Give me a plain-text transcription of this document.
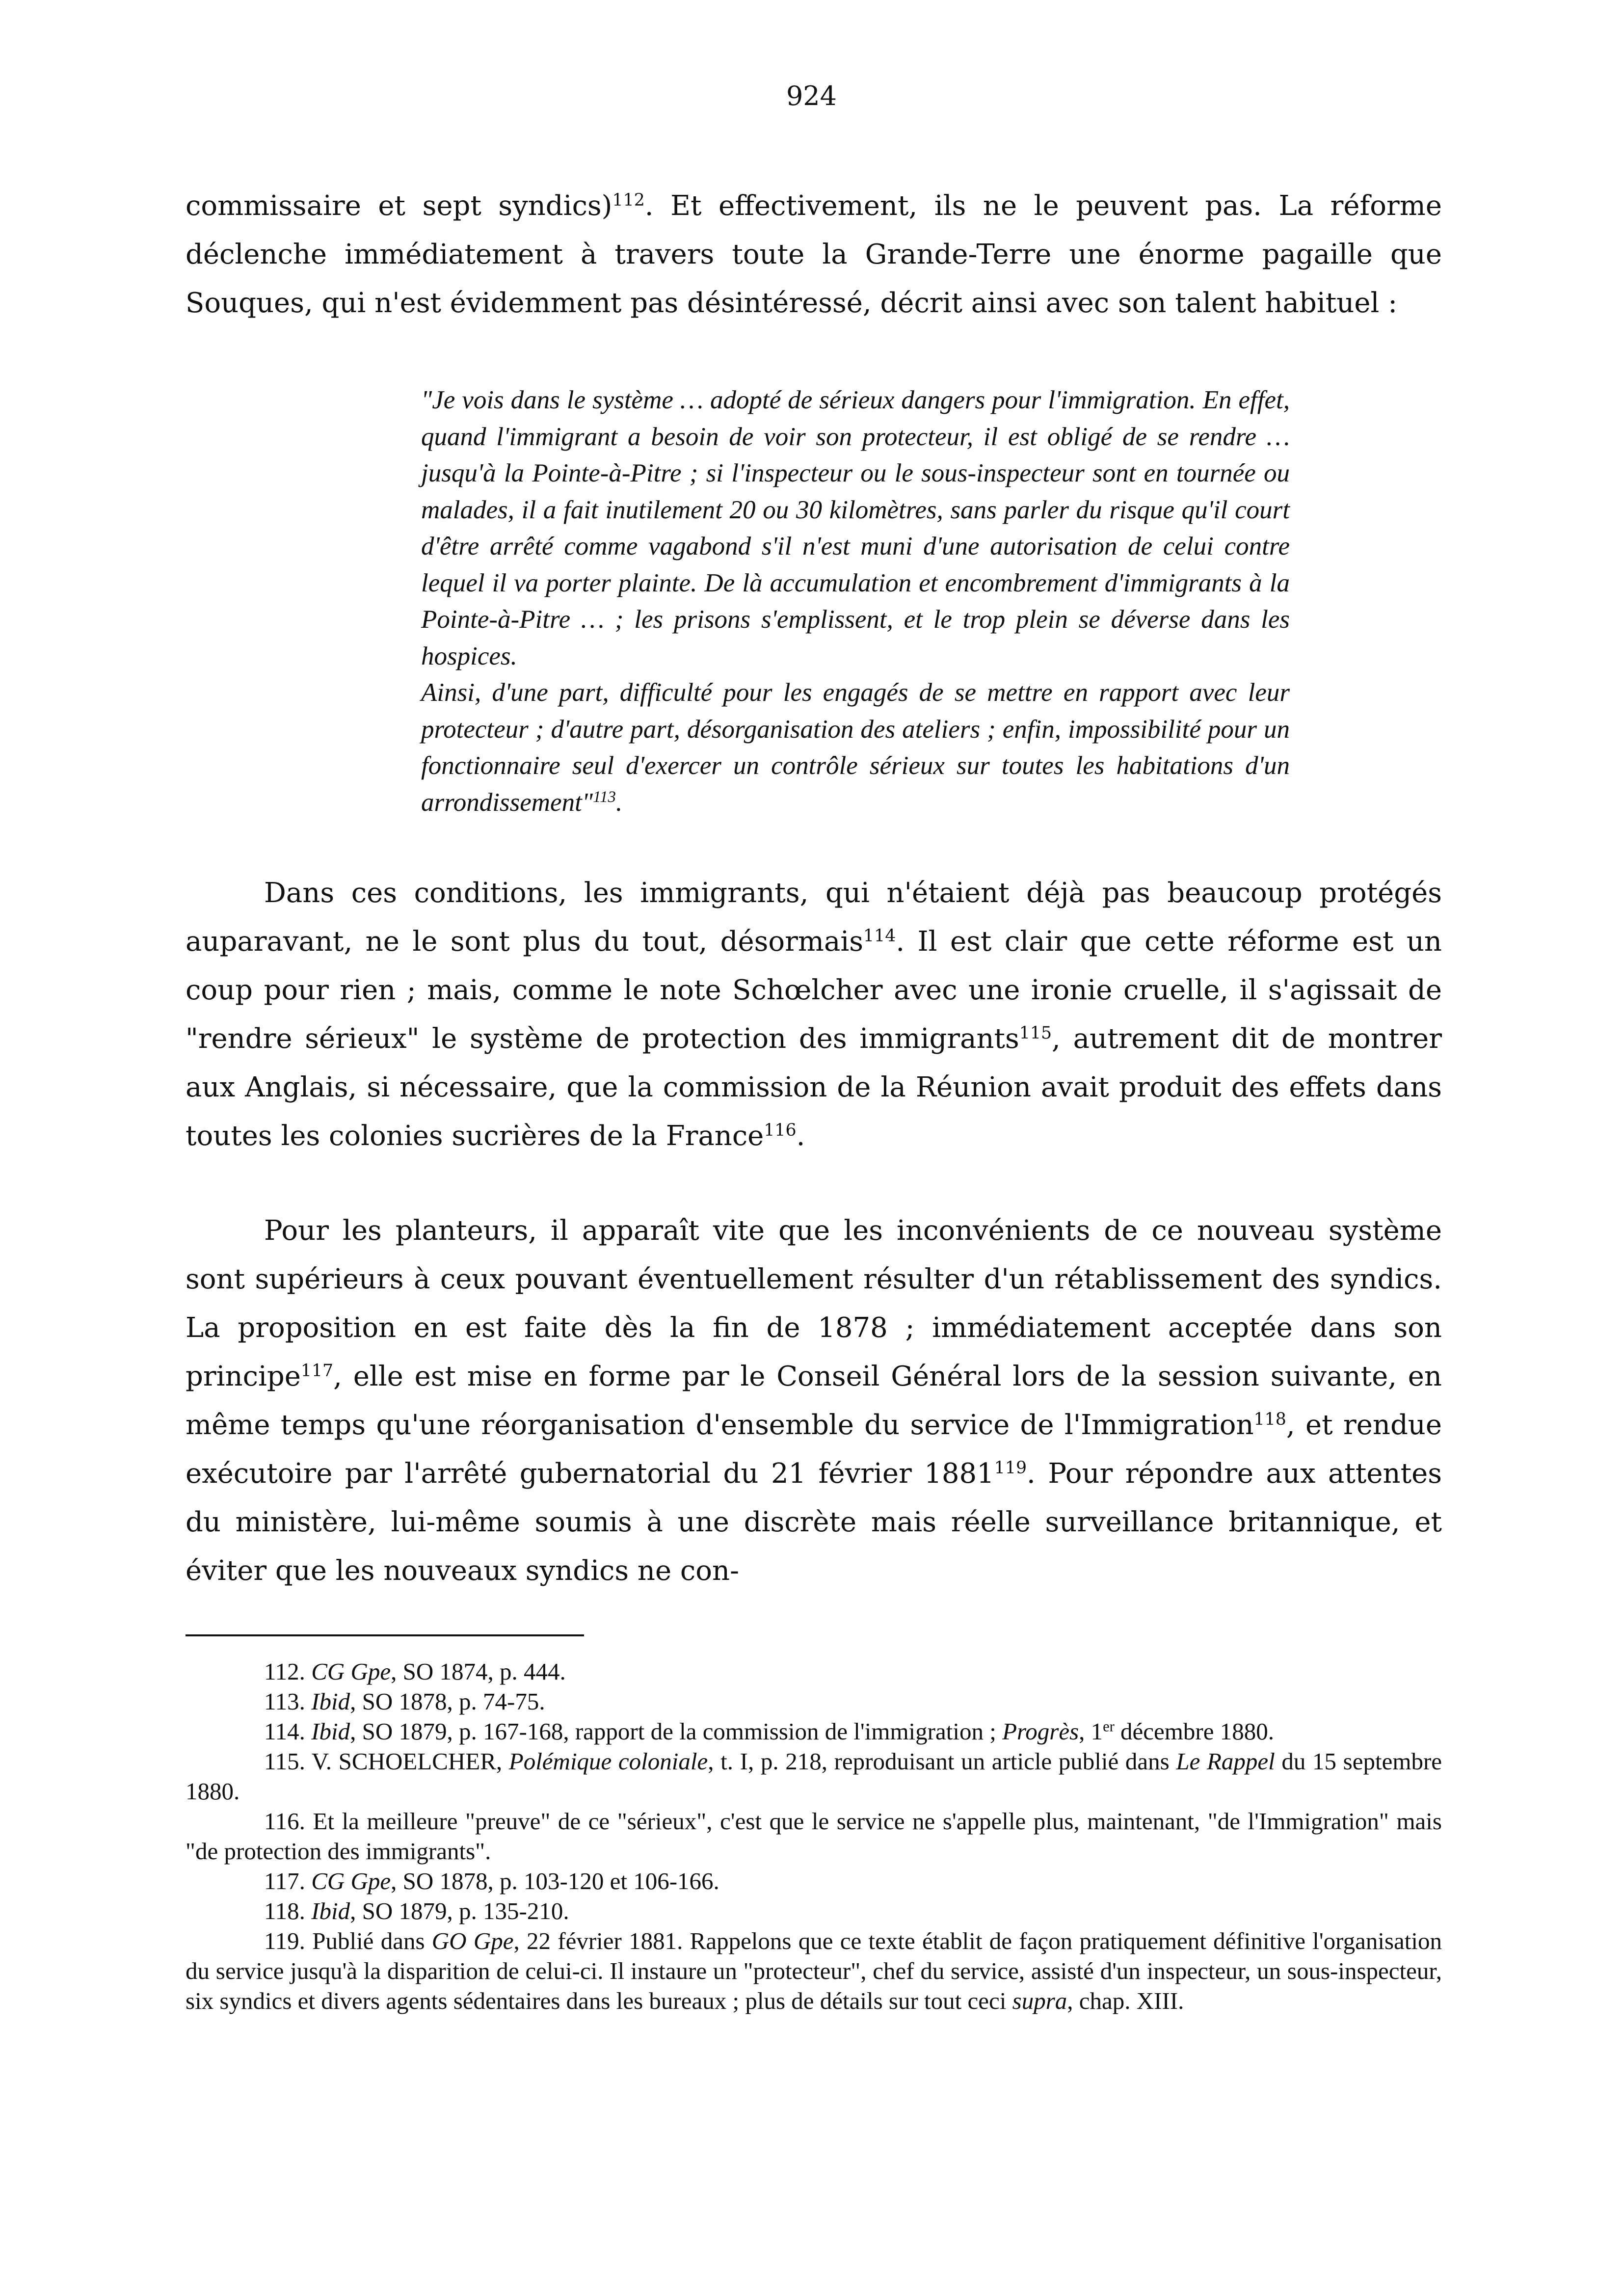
924

commissaire et sept syndics)$^{112}$. Et effectivement, ils ne le peuvent pas. La réforme déclenche immédiatement à travers toute la Grande-Terre une énorme pagaille que Souques, qui n'est évidemment pas désintéressé, décrit ainsi avec son talent habituel :

"Je vois dans le système … adopté de sérieux dangers pour l'immigration. En effet, quand l'immigrant a besoin de voir son protecteur, il est obligé de se rendre … jusqu'à la Pointe-à-Pitre ; si l'inspecteur ou le sous-inspecteur sont en tournée ou malades, il a fait inutilement 20 ou 30 kilomètres, sans parler du risque qu'il court d'être arrêté comme vagabond s'il n'est muni d'une autorisation de celui contre lequel il va porter plainte. De là accumulation et encombrement d'immigrants à la Pointe-à-Pitre … ; les prisons s'emplissent, et le trop plein se déverse dans les hospices.

Ainsi, d'une part, difficulté pour les engagés de se mettre en rapport avec leur protecteur ; d'autre part, désorganisation des ateliers ; enfin, impossibilité pour un fonctionnaire seul d'exercer un contrôle sérieux sur toutes les habitations d'un arrondissement"$^{113}$.

Dans ces conditions, les immigrants, qui n'étaient déjà pas beaucoup protégés auparavant, ne le sont plus du tout, désormais$^{114}$. Il est clair que cette réforme est un coup pour rien ; mais, comme le note Schœlcher avec une ironie cruelle, il s'agissait de "rendre sérieux" le système de protection des immigrants$^{115}$, autrement dit de montrer aux Anglais, si nécessaire, que la commission de la Réunion avait produit des effets dans toutes les colonies sucrières de la France$^{116}$.

Pour les planteurs, il apparaît vite que les inconvénients de ce nouveau système sont supérieurs à ceux pouvant éventuellement résulter d'un rétablissement des syndics. La proposition en est faite dès la fin de 1878 ; immédiatement acceptée dans son principe$^{117}$, elle est mise en forme par le Conseil Général lors de la session suivante, en même temps qu'une réorganisation d'ensemble du service de l'Immigration$^{118}$, et rendue exécutoire par l'arrêté gubernatorial du 21 février 1881$^{119}$. Pour répondre aux attentes du ministère, lui-même soumis à une discrète mais réelle surveillance britannique, et éviter que les nouveaux syndics ne con-

112. CG Gpe, SO 1874, p. 444.

113. Ibid, SO 1878, p. 74-75.

114. Ibid, SO 1879, p. 167-168, rapport de la commission de l'immigration ; Progrès, 1er décembre 1880.

115. V. SCHOELCHER, Polémique coloniale, t. I, p. 218, reproduisant un article publié dans Le Rappel du 15 septembre 1880.

116. Et la meilleure "preuve" de ce "sérieux", c'est que le service ne s'appelle plus, maintenant, "de l'Immigration" mais "de protection des immigrants".

117. CG Gpe, SO 1878, p. 103-120 et 106-166.

118. Ibid, SO 1879, p. 135-210.

119. Publié dans GO Gpe, 22 février 1881. Rappelons que ce texte établit de façon pratiquement définitive l'organisation du service jusqu'à la disparition de celui-ci. Il instaure un "protecteur", chef du service, assisté d'un inspecteur, un sous-inspecteur, six syndics et divers agents sédentaires dans les bureaux ; plus de détails sur tout ceci supra, chap. XIII.
